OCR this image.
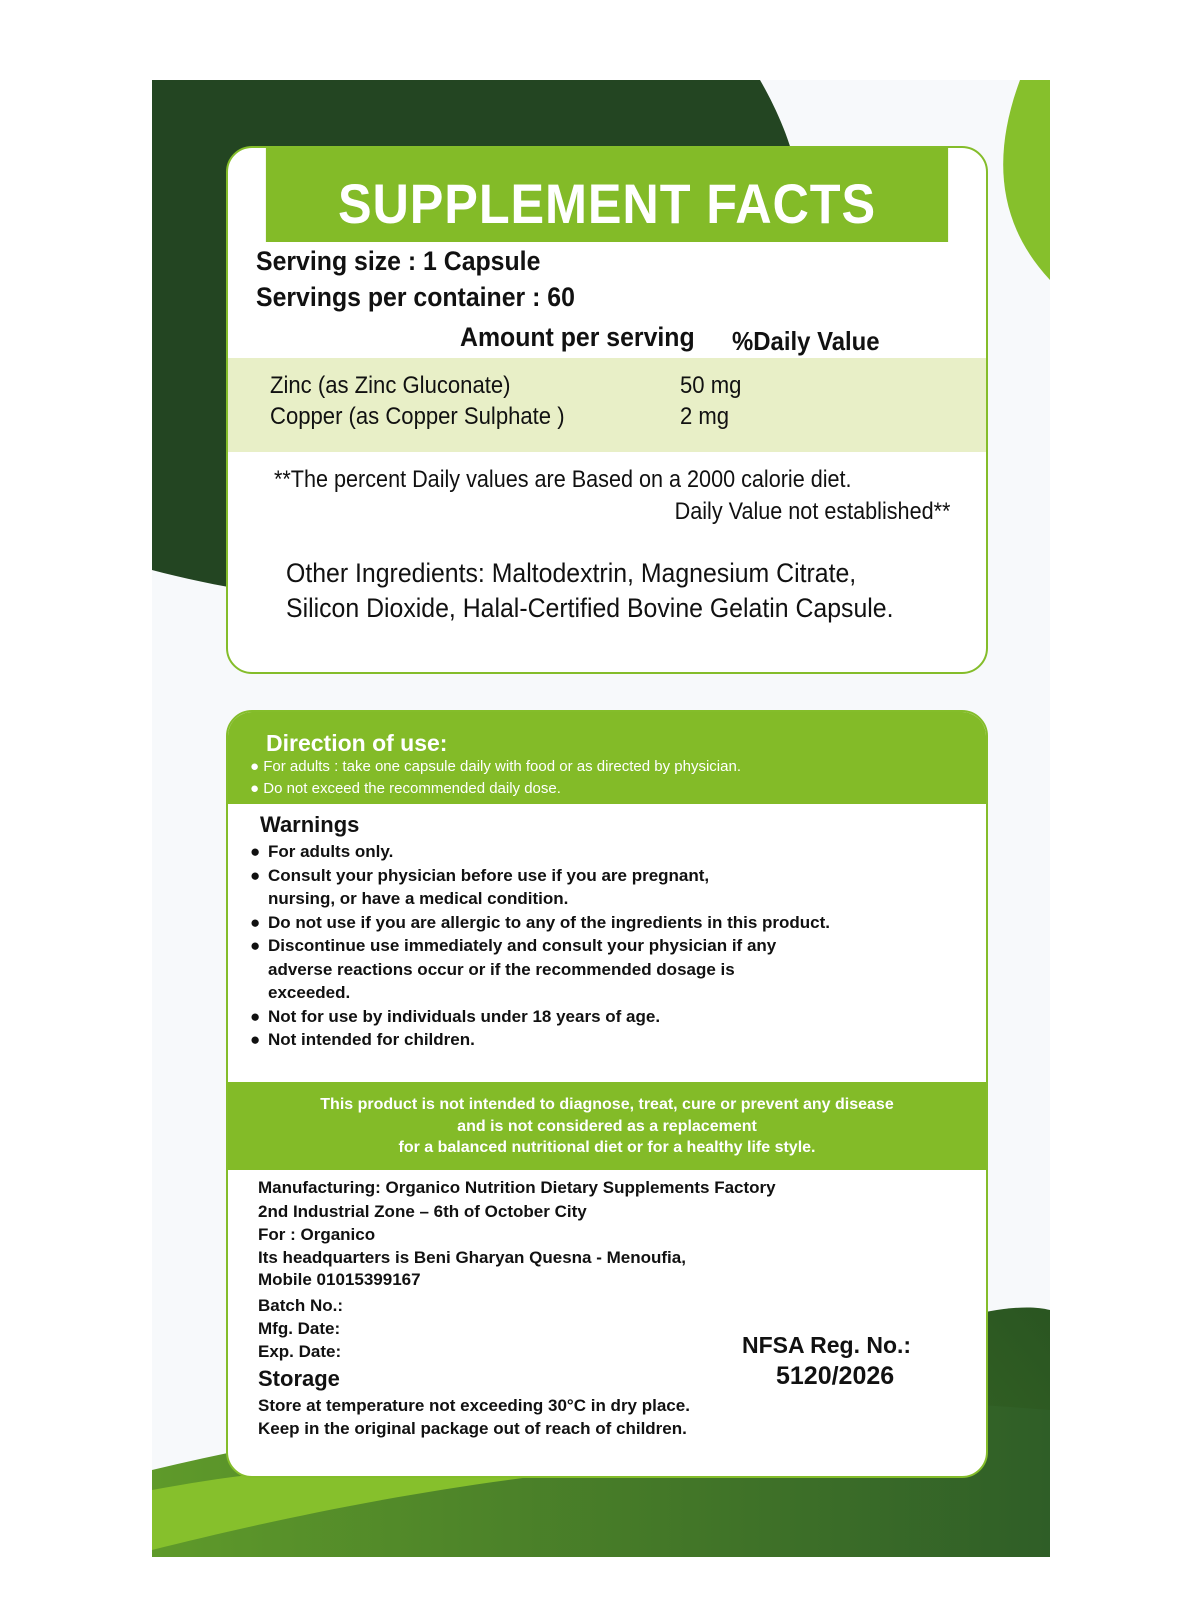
SUPPLEMENT FACTS
Serving size : 1 Capsule
Servings per container : 60
Amount per serving %Daily Value
Zinc (as Zinc Gluconate)	50 mg
Copper (as Copper Sulphate )	2 mg
**The percent Daily values are Based on a 2000 calorie diet.
Daily Value not established**
Other Ingredients: Maltodextrin, Magnesium Citrate, Silicon Dioxide, Halal-Certified Bovine Gelatin Capsule.
Direction of use:
● For adults : take one capsule daily with food or as directed by physician.
● Do not exceed the recommended daily dose.
Warnings
● For adults only.
● Consult your physician before use if you are pregnant, nursing, or have a medical condition.
● Do not use if you are allergic to any of the ingredients in this product.
● Discontinue use immediately and consult your physician if any adverse reactions occur or if the recommended dosage is exceeded.
● Not for use by individuals under 18 years of age.
● Not intended for children.
This product is not intended to diagnose, treat, cure or prevent any disease
and is not considered as a replacement
for a balanced nutritional diet or for a healthy life style.
Manufacturing: Organico Nutrition Dietary Supplements Factory
2nd Industrial Zone – 6th of October City
For : Organico
Its headquarters is Beni Gharyan Quesna - Menoufia,
Mobile 01015399167
Batch No.:
Mfg. Date:
Exp. Date:
Storage
Store at temperature not exceeding 30°C in dry place.
Keep in the original package out of reach of children.
NFSA Reg. No.:
5120/2026
